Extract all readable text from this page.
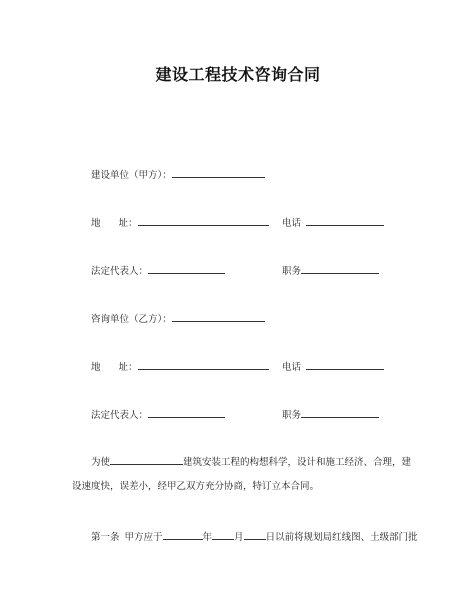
建设工程技术咨询合同
建设单位（甲方）：
地 址：	电话
法定代表人：	职务
咨询单位（乙方）：
地 址：	电话
法定代表人：	职务
为使	建筑安装工程的构想科学，设计和施工经济、合理，建
设速度快，误差小，经甲乙双方充分协商，特订立本合同。
第一条 甲方应于	年 月 日以前将规划局红线图、土级部门批
